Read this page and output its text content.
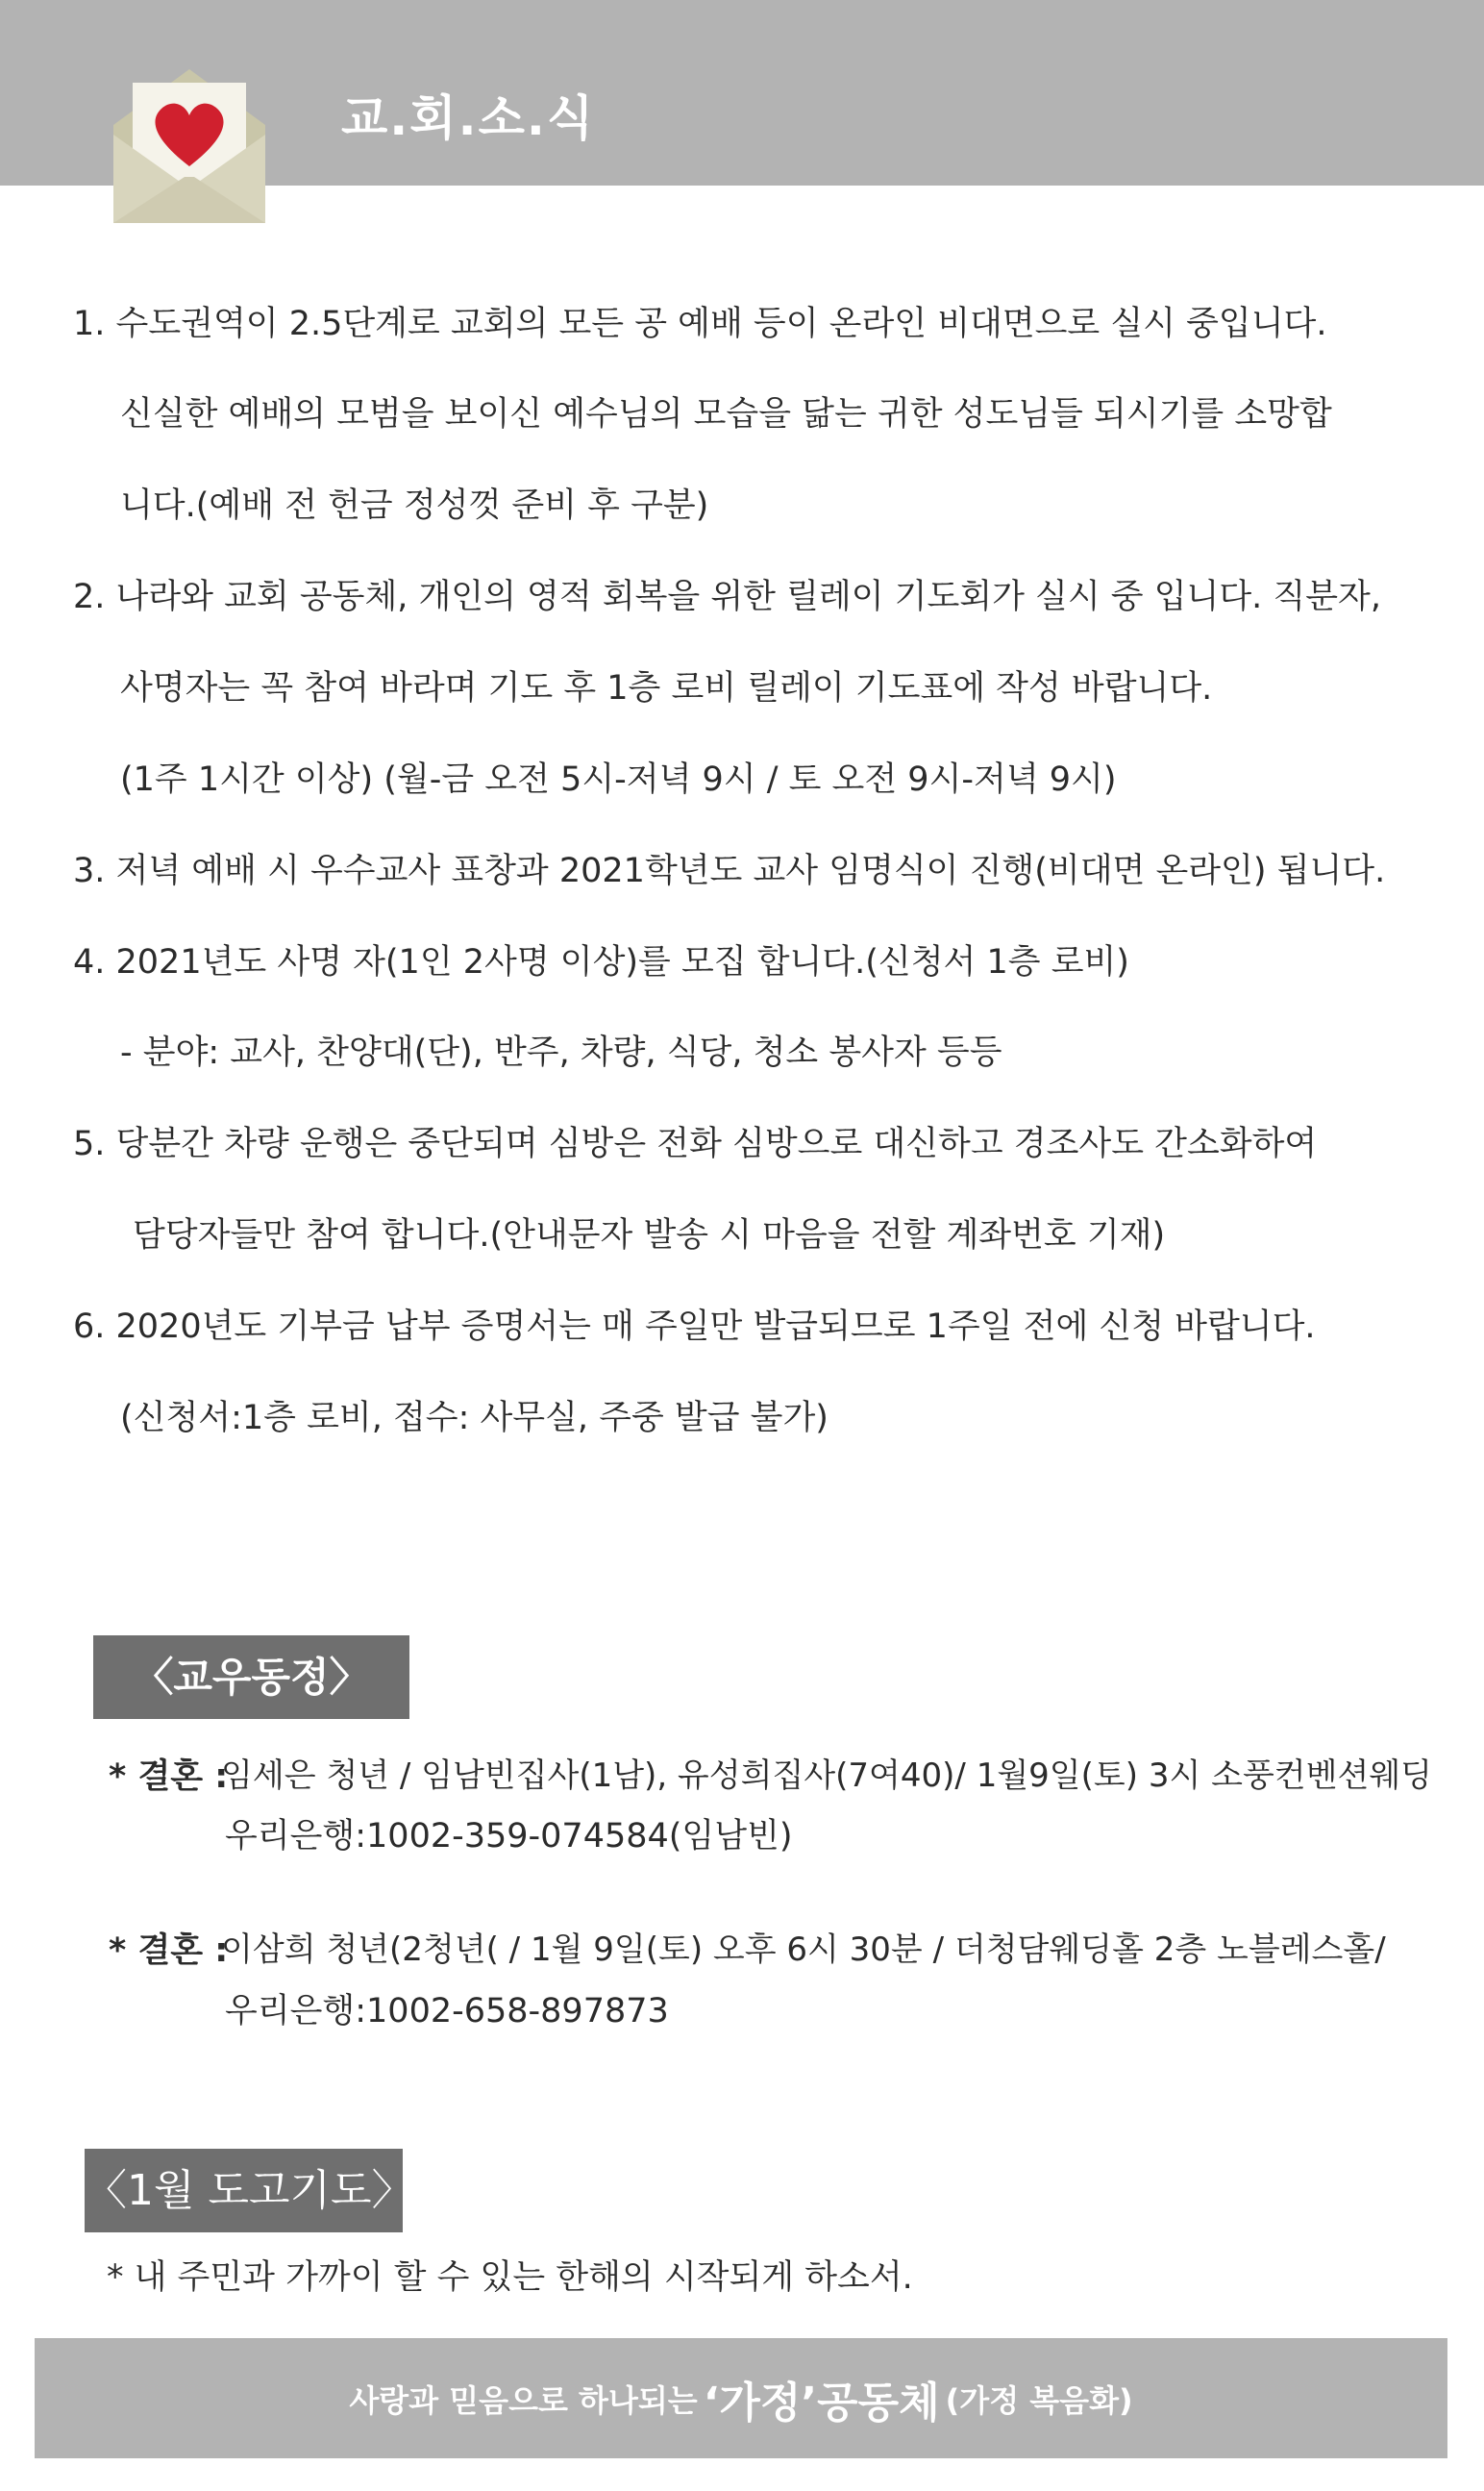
교.회.소.식
1. 수도권역이 2.5단계로 교회의 모든 공 예배 등이 온라인 비대면으로 실시 중입니다.
신실한 예배의 모범을 보이신 예수님의 모습을 닮는 귀한 성도님들 되시기를 소망합
니다.(예배 전 헌금 정성껏 준비 후 구분)
2. 나라와 교회 공동체, 개인의 영적 회복을 위한 릴레이 기도회가 실시 중 입니다. 직분자,
사명자는 꼭 참여 바라며 기도 후 1층 로비 릴레이 기도표에 작성 바랍니다.
(1주 1시간 이상) (월-금 오전 5시-저녁 9시 / 토 오전 9시-저녁 9시)
3. 저녁 예배 시 우수교사 표창과 2021학년도 교사 임명식이 진행(비대면 온라인) 됩니다.
4. 2021년도 사명 자(1인 2사명 이상)를 모집 합니다.(신청서 1층 로비)
- 분야: 교사, 찬양대(단), 반주, 차량, 식당, 청소 봉사자 등등
5. 당분간 차량 운행은 중단되며 심방은 전화 심방으로 대신하고 경조사도 간소화하여
담당자들만 참여 합니다.(안내문자 발송 시 마음을 전할 계좌번호 기재)
6. 2020년도 기부금 납부 증명서는 매 주일만 발급되므로 1주일 전에 신청 바랍니다.
(신청서:1층 로비, 접수: 사무실, 주중 발급 불가)
〈교우동정〉
* 결혼 :
임세은 청년 / 임남빈집사(1남), 유성희집사(7여40)/ 1월9일(토) 3시 소풍컨벤션웨딩
우리은행:1002-359-074584(임남빈)
* 결혼 :
이삼희 청년(2청년( / 1월 9일(토) 오후 6시 30분 / 더청담웨딩홀 2층 노블레스홀/
우리은행:1002-658-897873
〈1월 도고기도〉
* 내 주민과 가까이 할 수 있는 한해의 시작되게 하소서.
사랑과 믿음으로 하나되는 ‘가정’공동체 (가정 복음화)
